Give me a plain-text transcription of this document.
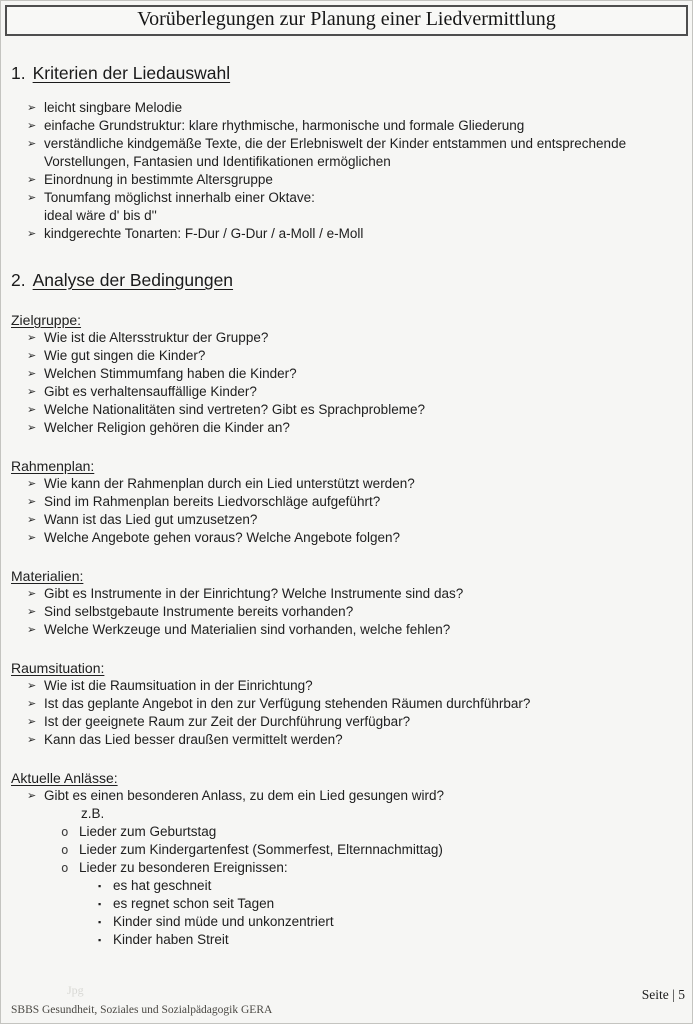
Vorüberlegungen zur Planung einer Liedvermittlung
1. Kriterien der Liedauswahl
➢ leicht singbare Melodie
➢ einfache Grundstruktur: klare rhythmische, harmonische und formale Gliederung
➢ verständliche kindgemäße Texte, die der Erlebniswelt der Kinder entstammen und entsprechende Vorstellungen, Fantasien und Identifikationen ermöglichen
➢ Einordnung in bestimmte Altersgruppe
➢ Tonumfang möglichst innerhalb einer Oktave:
ideal wäre d' bis d''
➢ kindgerechte Tonarten: F-Dur / G-Dur / a-Moll / e-Moll
2. Analyse der Bedingungen
Zielgruppe:
➢ Wie ist die Altersstruktur der Gruppe?
➢ Wie gut singen die Kinder?
➢ Welchen Stimmumfang haben die Kinder?
➢ Gibt es verhaltensauffällige Kinder?
➢ Welche Nationalitäten sind vertreten? Gibt es Sprachprobleme?
➢ Welcher Religion gehören die Kinder an?
Rahmenplan:
➢ Wie kann der Rahmenplan durch ein Lied unterstützt werden?
➢ Sind im Rahmenplan bereits Liedvorschläge aufgeführt?
➢ Wann ist das Lied gut umzusetzen?
➢ Welche Angebote gehen voraus? Welche Angebote folgen?
Materialien:
➢ Gibt es Instrumente in der Einrichtung? Welche Instrumente sind das?
➢ Sind selbstgebaute Instrumente bereits vorhanden?
➢ Welche Werkzeuge und Materialien sind vorhanden, welche fehlen?
Raumsituation:
➢ Wie ist die Raumsituation in der Einrichtung?
➢ Ist das geplante Angebot in den zur Verfügung stehenden Räumen durchführbar?
➢ Ist der geeignete Raum zur Zeit der Durchführung verfügbar?
➢ Kann das Lied besser draußen vermittelt werden?
Aktuelle Anlässe:
➢ Gibt es einen besonderen Anlass, zu dem ein Lied gesungen wird?
z.B.
o Lieder zum Geburtstag
o Lieder zum Kindergartenfest (Sommerfest, Elternnachmittag)
o Lieder zu besonderen Ereignissen:
▪ es hat geschneit
▪ es regnet schon seit Tagen
▪ Kinder sind müde und unkonzentriert
▪ Kinder haben Streit
Jpg	Seite | 5
SBBS Gesundheit, Soziales und Sozialpädagogik GERA
